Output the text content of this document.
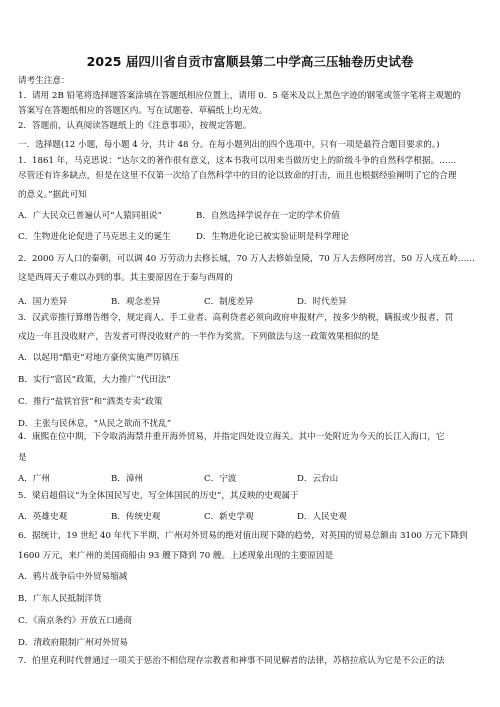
2025 届四川省自贡市富顺县第二中学高三压轴卷历史试卷
请考生注意：
1．请用 2B 铅笔将选择题答案涂填在答题纸相应位置上，请用 0．5 毫米及以上黑色字迹的钢笔或签字笔将主观题的
答案写在答题纸相应的答题区内。写在试题卷、草稿纸上均无效。
2．答题前，认真阅读答题纸上的《注意事项》，按规定答题。
一．选择题(12 小题，每小题 4 分，共计 48 分。在每小题列出的四个选项中，只有一项是最符合题目要求的。)
1．1861 年，马克思说：“达尔文的著作很有意义，这本书我可以用来当做历史上的阶级斗争的自然科学根据。……
尽管还有许多缺点，但是在这里不仅第一次给了自然科学中的目的论以致命的打击，而且也根据经验阐明了它的合理
的意义。”据此可知
A．广大民众已普遍认可“人猿同祖说”	B．自然选择学说存在一定的学术价值
C．生物进化论促进了马克思主义的诞生	D．生物进化论已被实验证明是科学理论
2．2000 万人口的秦朝，可以调 40 万劳动力去修长城，70 万人去修始皇陵，70 万人去修阿房宫，50 万人戍五岭……
这是西周天子难以办到的事。其主要原因在于秦与西周的
A．国力差异	B．观念差异	C．制度差异	D．时代差异
3．汉武帝推行算缗告缗令，规定商人、手工业者、高利贷者必须向政府申报财产，按多少纳税，瞒报或少报者，罚
戍边一年且没收财产，告发者可得没收财产的一半作为奖赏。下列做法与这一政策效果相似的是
A．以起用“酷吏”对地方豪侠实施严厉镇压
B．实行“富民”政策，大力推广“代田法”
C．推行“盐铁官营”和“酒类专卖”政策
D．主张与民休息，“从民之欲而不扰乱”
4．康熙在位中期，下令取消海禁并重开海外贸易，并指定四处设立海关。其中一处附近为今天的长江入海口，它
是
A．广州	B．漳州	C．宁波	D．云台山
5．梁启超倡议“为全体国民写史，写全体国民的历史”，其反映的史观属于
A．英雄史观	B．传统史观	C．新史学观	D．人民史观
6．据统计，19 世纪 40 年代下半期，广州对外贸易的绝对值出现下降的趋势，对英国的贸易总额由 3100 万元下降到
1600 万元，来广州的美国商船由 93 艘下降到 70 艘。上述现象出现的主要原因是
A．鸦片战争后中外贸易缩减
B．广东人民抵制洋货
C．《南京条约》开放五口通商
D．清政府限制广州对外贸易
7．伯里克利时代曾通过一项关于惩治不相信现存宗教者和神事不同见解者的法律，苏格拉底认为它是不公正的法
